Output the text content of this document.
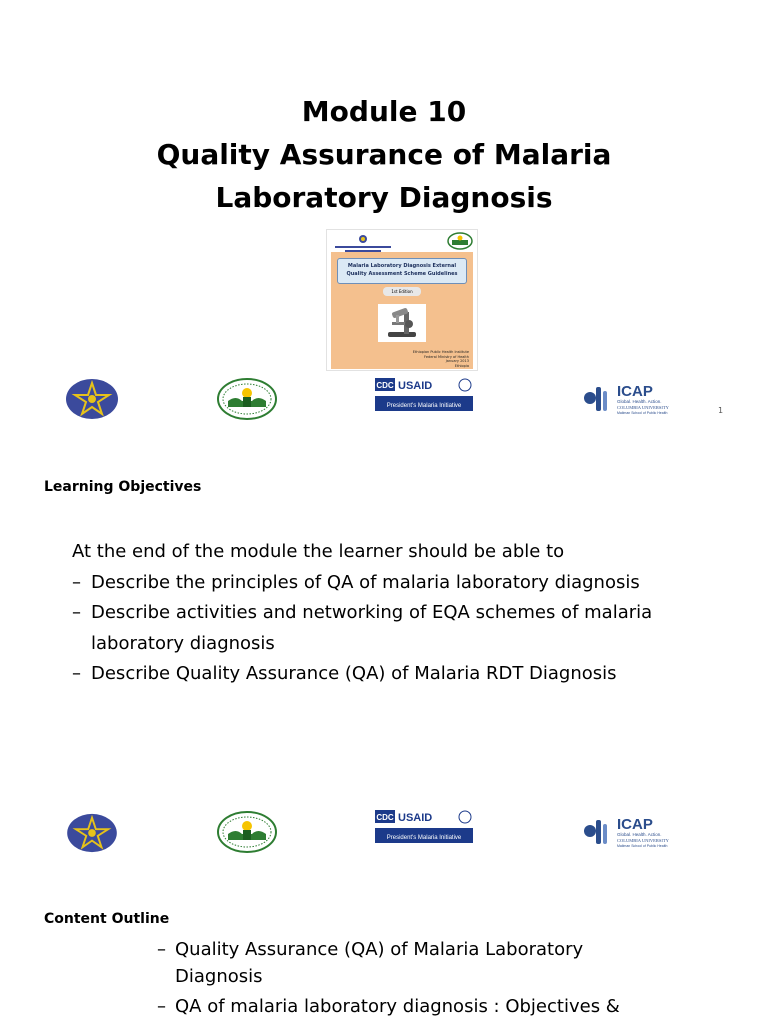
Module 10
Quality Assurance of Malaria
Laboratory Diagnosis
Malaria Laboratory Diagnosis External
Quality Assessment Scheme Guidelines
1st Edition
Ethiopian Public Health Institute
Federal Ministry of Health
January 2013
Ethiopia
CDC USAID
President's Malaria Initiative
ICAP
Global. Health. Action.
COLUMBIA UNIVERSITY
Mailman School of Public Health	1
Learning Objectives
At the end of the module the learner should be able to
– Describe the principles of QA of malaria laboratory diagnosis
– Describe activities and networking of EQA schemes of malaria laboratory diagnosis
– Describe Quality Assurance (QA) of Malaria RDT Diagnosis
CDC USAID
President's Malaria Initiative
ICAP
Global. Health. Action.
COLUMBIA UNIVERSITY
Mailman School of Public Health
Content Outline
– Quality Assurance (QA) of Malaria Laboratory Diagnosis
– QA of malaria laboratory diagnosis : Objectives &
